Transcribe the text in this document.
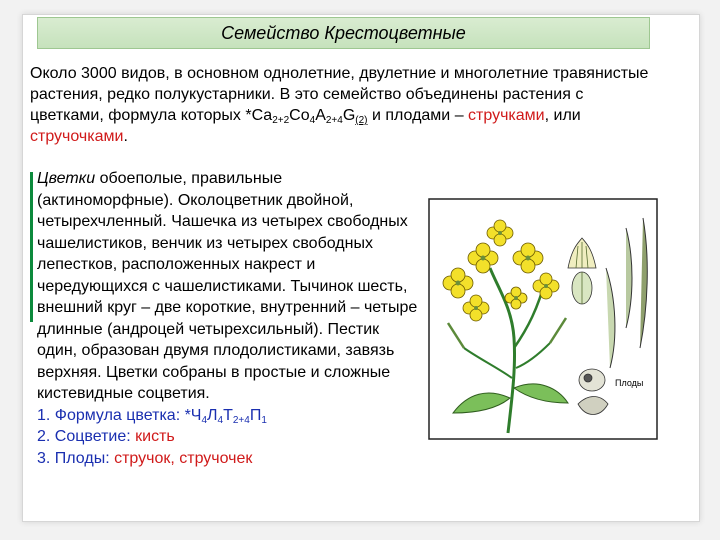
Семейство Крестоцветные
Около 3000 видов, в основном однолетние, двулетние и многолетние травянистые растения, редко полукустарники. В это семейство объединены растения с цветками, формула которых $*Са_{2+2}Со_4А_{2+4}G_{(2)}$ и плодами – стручками, или стручочками.

Цветки обоеполые, правильные (актиноморфные). Околоцветник двойной, четырехчленный. Чашечка из четырех свободных чашелистиков, венчик из четырех свободных лепестков, расположенных накрест и чередующихся с чашелистиками. Тычинок шесть, внешний круг – две короткие, внутренний – четыре длинные (андроцей четырехсильный). Пестик один, образован двумя плодолистиками, завязь верхняя. Цветки собраны в простые и сложные кистевидные соцветия.

1. Формула цветка: $*Ч_4Л_4Т_{2+4}П_1$

2. Соцветие: кисть

3. Плоды: стручок, стручочек

Плоды
